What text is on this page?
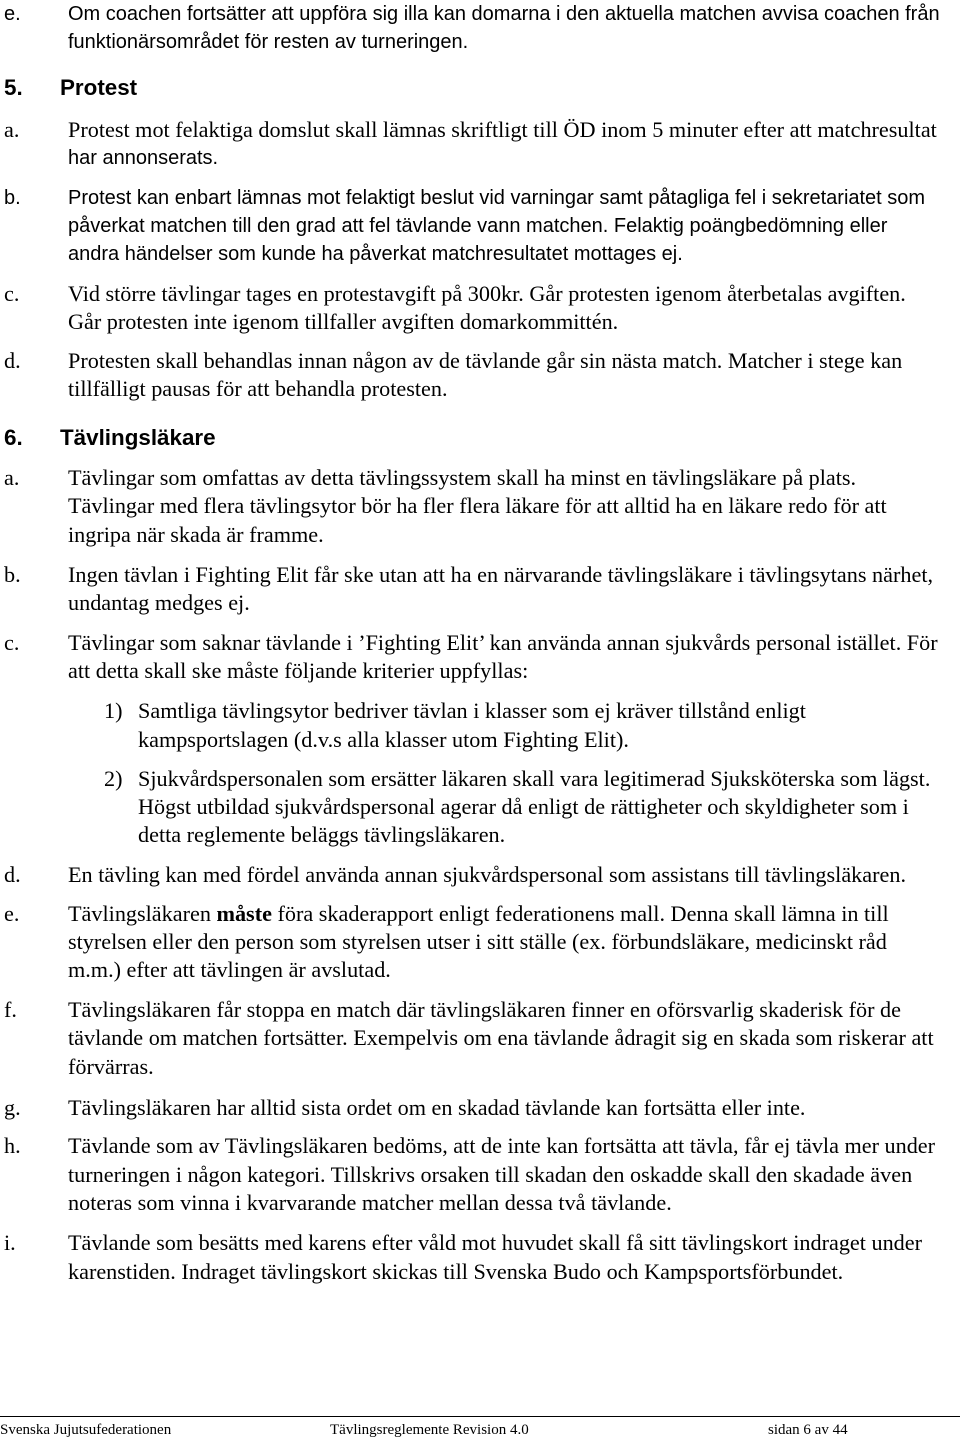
e. Om coachen fortsätter att uppföra sig illa kan domarna i den aktuella matchen avvisa coachen från
funktionärsområdet för resten av turneringen.
5. Protest
a. Protest mot felaktiga domslut skall lämnas skriftligt till ÖD inom 5 minuter efter att matchresultat
har annonserats.
b. Protest kan enbart lämnas mot felaktigt beslut vid varningar samt påtagliga fel i sekretariatet som
påverkat matchen till den grad att fel tävlande vann matchen. Felaktig poängbedömning eller
andra händelser som kunde ha påverkat matchresultatet mottages ej.
c. Vid större tävlingar tages en protestavgift på 300kr. Går protesten igenom återbetalas avgiften.
Går protesten inte igenom tillfaller avgiften domarkommittén.
d. Protesten skall behandlas innan någon av de tävlande går sin nästa match. Matcher i stege kan
tillfälligt pausas för att behandla protesten.
6. Tävlingsläkare
a. Tävlingar som omfattas av detta tävlingssystem skall ha minst en tävlingsläkare på plats.
Tävlingar med flera tävlingsytor bör ha fler flera läkare för att alltid ha en läkare redo för att
ingripa när skada är framme.
b. Ingen tävlan i Fighting Elit får ske utan att ha en närvarande tävlingsläkare i tävlingsytans närhet,
undantag medges ej.
c. Tävlingar som saknar tävlande i ’Fighting Elit’ kan använda annan sjukvårds personal istället. För
att detta skall ske måste följande kriterier uppfyllas:
1) Samtliga tävlingsytor bedriver tävlan i klasser som ej kräver tillstånd enligt
kampsportslagen (d.v.s alla klasser utom Fighting Elit).
2) Sjukvårdspersonalen som ersätter läkaren skall vara legitimerad Sjuksköterska som lägst.
Högst utbildad sjukvårdspersonal agerar då enligt de rättigheter och skyldigheter som i
detta reglemente beläggs tävlingsläkaren.
d. En tävling kan med fördel använda annan sjukvårdspersonal som assistans till tävlingsläkaren.
e. Tävlingsläkaren måste föra skaderapport enligt federationens mall. Denna skall lämna in till
styrelsen eller den person som styrelsen utser i sitt ställe (ex. förbundsläkare, medicinskt råd
m.m.) efter att tävlingen är avslutad.
f. Tävlingsläkaren får stoppa en match där tävlingsläkaren finner en oförsvarlig skaderisk för de
tävlande om matchen fortsätter. Exempelvis om ena tävlande ådragit sig en skada som riskerar att
förvärras.
g. Tävlingsläkaren har alltid sista ordet om en skadad tävlande kan fortsätta eller inte.
h. Tävlande som av Tävlingsläkaren bedöms, att de inte kan fortsätta att tävla, får ej tävla mer under
turneringen i någon kategori. Tillskrivs orsaken till skadan den oskadde skall den skadade även
noteras som vinna i kvarvarande matcher mellan dessa två tävlande.
i. Tävlande som besätts med karens efter våld mot huvudet skall få sitt tävlingskort indraget under
karenstiden. Indraget tävlingskort skickas till Svenska Budo och Kampsportsförbundet.
Svenska Jujutsufederationen	Tävlingsreglemente Revision 4.0	sidan 6 av 44
